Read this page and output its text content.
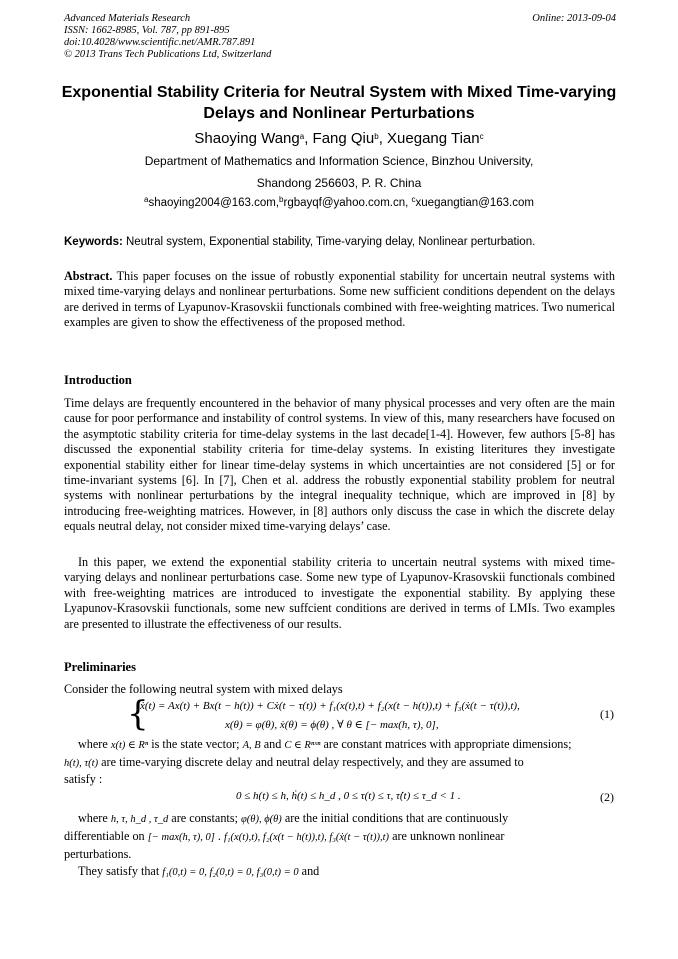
Advanced Materials Research
ISSN: 1662-8985, Vol. 787, pp 891-895
doi:10.4028/www.scientific.net/AMR.787.891
© 2013 Trans Tech Publications Ltd, Switzerland
Online: 2013-09-04
Exponential Stability Criteria for Neutral System with Mixed Time-varying
Delays and Nonlinear Perturbations
Shaoying Wang$^a$, Fang Qiu$^b$, Xuegang Tian$^c$
Department of Mathematics and Information Science, Binzhou University,
Shandong 256603, P. R. China
$^a$shaoying2004@163.com,$^b$rgbayqf@yahoo.com.cn, $^c$xuegangtian@163.com
Keywords: Neutral system, Exponential stability, Time-varying delay, Nonlinear perturbation.
Abstract. This paper focuses on the issue of robustly exponential stability for uncertain neutral systems with mixed time-varying delays and nonlinear perturbations. Some new sufficient conditions dependent on the delays are derived in terms of Lyapunov-Krasovskii functionals combined with free-weighting matrices. Two numerical examples are given to show the effectiveness of the proposed method.
Introduction
Time delays are frequently encountered in the behavior of many physical processes and very often are the main cause for poor performance and instability of control systems. In view of this, many researchers have focused on the asymptotic stability criteria for time-delay systems in the last decade[1-4]. However, few authors [5-8] has discussed the exponential stability criteria for time-delay systems. In existing literitures they investigate exponential stability either for linear time-delay systems in which uncertainties are not considered [5] or for time-invariant systems [6]. In [7], Chen et al. address the robustly exponential stability problem for neutral systems with nonlinear perturbations by the integral inequality technique, which are improved in [8] by introducing free-weighting matrices. However, in [8] authors only discuss the case in which the discrete delay equals neutral delay, not consider mixed time-varying delays’ case.
In this paper, we extend the exponential stability criteria to uncertain neutral systems with mixed time-varying delays and nonlinear perturbations case. Some new type of Lyapunov-Krasovskii functionals combined with free-weighting matrices are introduced to investigate the exponential stability. By applying these Lyapunov-Krasovskii functionals, some new suffcient conditions are derived in terms of LMIs. Two examples are presented to illustrate the effectiveness of our results.
Preliminaries
Consider the following neutral system with mixed delays
{
ẋ(t) = Ax(t) + Bx(t − h(t)) + Cẋ(t − τ(t)) + f₁(x(t),t) + f₂(x(t − h(t)),t) + f₃(ẋ(t − τ(t)),t),
x(θ) = φ(θ), ẋ(θ) = ϕ(θ) , ∀ θ ∈ [− max(h, τ), 0],
(1)
where x(t) ∈ Rⁿ is the state vector; A, B and C ∈ Rⁿˣⁿ are constant matrices with appropriate dimensions;
h(t), τ(t) are time-varying discrete delay and neutral delay respectively, and they are assumed to
satisfy :
0 ≤ h(t) ≤ h, ḣ(t) ≤ h_d , 0 ≤ τ(t) ≤ τ, τ̇(t) ≤ τ_d < 1 .	(2)
where h, τ, h_d , τ_d are constants; φ(θ), ϕ(θ) are the initial conditions that are continuously
differentiable on [− max(h, τ), 0] . f₁(x(t),t), f₂(x(t − h(t)),t), f₃(ẋ(t − τ(t)),t) are unknown nonlinear
perturbations.
They satisfy that f₁(0,t) = 0, f₂(0,t) = 0, f₃(0,t) = 0 and
